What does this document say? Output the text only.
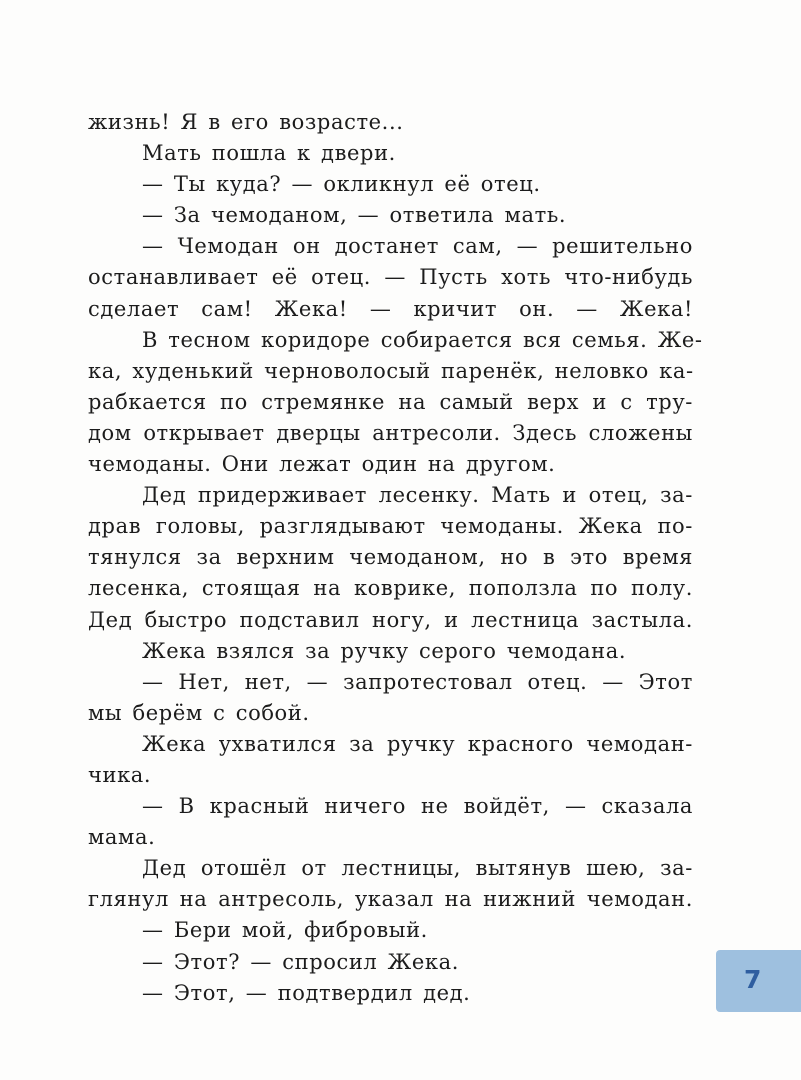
жизнь! Я в его возрасте...
Мать пошла к двери.
— Ты куда? — окликнул её отец.
— За чемоданом, — ответила мать.
— Чемодан он достанет сам, — решительно
останавливает её отец. — Пусть хоть что-нибудь
сделает сам! Жека! — кричит он. — Жека!
В тесном коридоре собирается вся семья. Же-
ка, худенький черноволосый паренёк, неловко ка-
рабкается по стремянке на самый верх и с тру-
дом открывает дверцы антресоли. Здесь сложены
чемоданы. Они лежат один на другом.
Дед придерживает лесенку. Мать и отец, за-
драв головы, разглядывают чемоданы. Жека по-
тянулся за верхним чемоданом, но в это время
лесенка, стоящая на коврике, поползла по полу.
Дед быстро подставил ногу, и лестница застыла.
Жека взялся за ручку серого чемодана.
— Нет, нет, — запротестовал отец. — Этот
мы берём с собой.
Жека ухватился за ручку красного чемодан-
чика.
— В красный ничего не войдёт, — сказала
мама.
Дед отошёл от лестницы, вытянув шею, за-
глянул на антресоль, указал на нижний чемодан.
— Бери мой, фибровый.
— Этот? — спросил Жека.
— Этот, — подтвердил дед.	7
